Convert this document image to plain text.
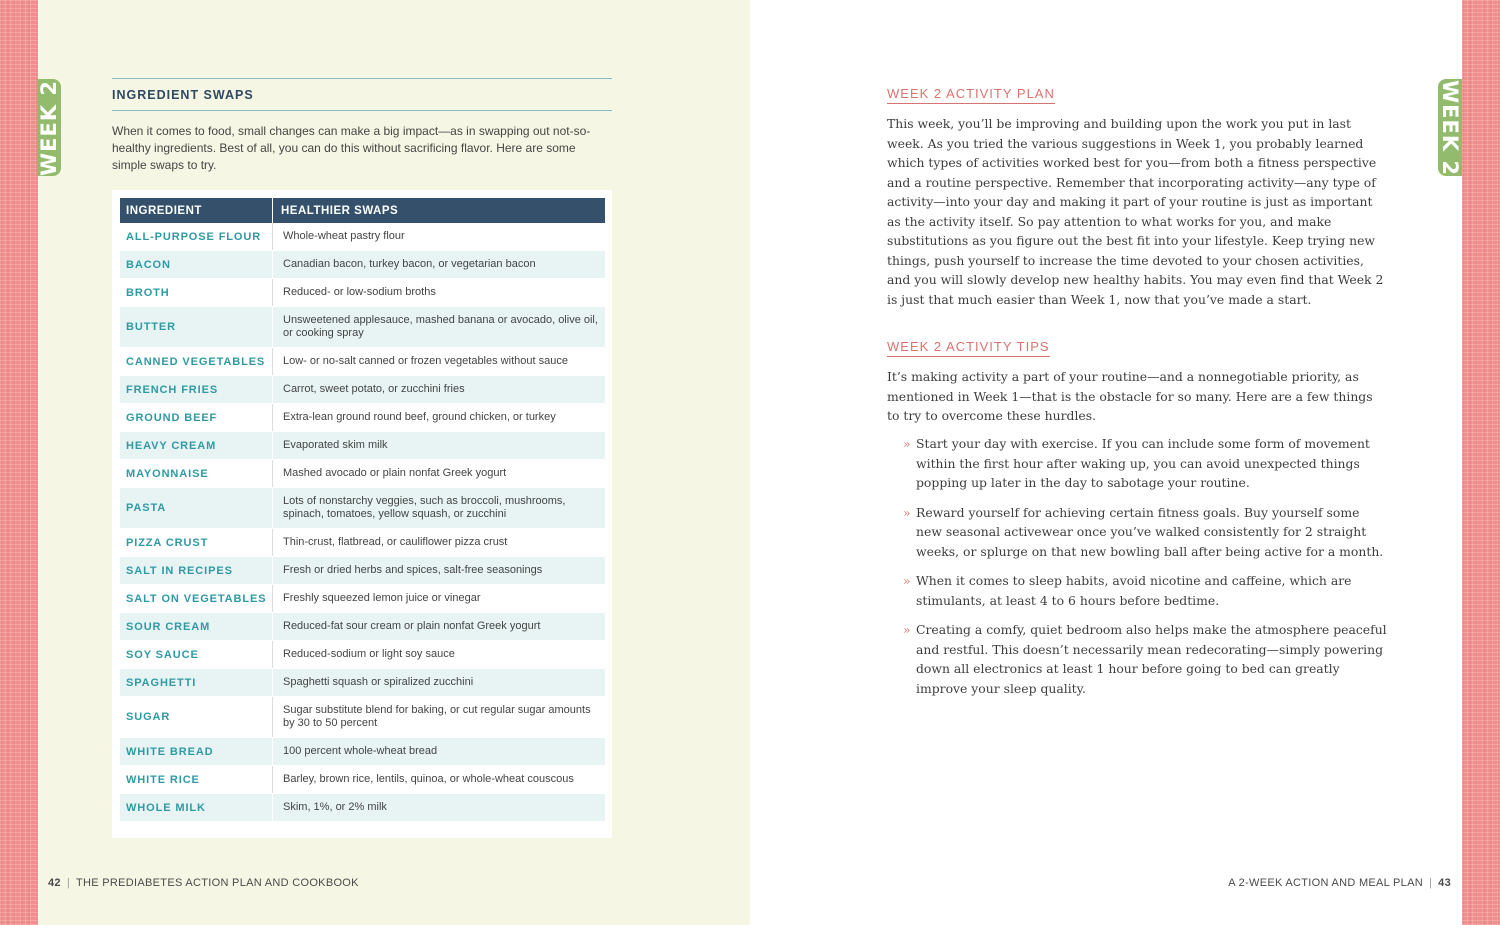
WEEK 2	WEEK 2
INGREDIENT SWAPS
When it comes to food, small changes can make a big impact—as in swapping out not-so-healthy ingredients. Best of all, you can do this without sacrificing flavor. Here are some simple swaps to try.
INGREDIENT	HEALTHIER SWAPS
ALL-PURPOSE FLOUR	Whole-wheat pastry flour
BACON	Canadian bacon, turkey bacon, or vegetarian bacon
BROTH	Reduced- or low-sodium broths
BUTTER	Unsweetened applesauce, mashed banana or avocado, olive oil, or cooking spray
CANNED VEGETABLES	Low- or no-salt canned or frozen vegetables without sauce
FRENCH FRIES	Carrot, sweet potato, or zucchini fries
GROUND BEEF	Extra-lean ground round beef, ground chicken, or turkey
HEAVY CREAM	Evaporated skim milk
MAYONNAISE	Mashed avocado or plain nonfat Greek yogurt
PASTA	Lots of nonstarchy veggies, such as broccoli, mushrooms, spinach, tomatoes, yellow squash, or zucchini
PIZZA CRUST	Thin-crust, flatbread, or cauliflower pizza crust
SALT IN RECIPES	Fresh or dried herbs and spices, salt-free seasonings
SALT ON VEGETABLES	Freshly squeezed lemon juice or vinegar
SOUR CREAM	Reduced-fat sour cream or plain nonfat Greek yogurt
SOY SAUCE	Reduced-sodium or light soy sauce
SPAGHETTI	Spaghetti squash or spiralized zucchini
SUGAR	Sugar substitute blend for baking, or cut regular sugar amounts by 30 to 50 percent
WHITE BREAD	100 percent whole-wheat bread
WHITE RICE	Barley, brown rice, lentils, quinoa, or whole-wheat couscous
WHOLE MILK	Skim, 1%, or 2% milk
42 | THE PREDIABETES ACTION PLAN AND COOKBOOK
WEEK 2 ACTIVITY PLAN
This week, you’ll be improving and building upon the work you put in last week. As you tried the various suggestions in Week 1, you probably learned which types of activities worked best for you—from both a fitness perspective and a routine perspective. Remember that incorporating activity—any type of activity—into your day and making it part of your routine is just as important as the activity itself. So pay attention to what works for you, and make substitutions as you figure out the best fit into your lifestyle. Keep trying new things, push yourself to increase the time devoted to your chosen activities, and you will slowly develop new healthy habits. You may even find that Week 2 is just that much easier than Week 1, now that you’ve made a start.
WEEK 2 ACTIVITY TIPS
It’s making activity a part of your routine—and a nonnegotiable priority, as mentioned in Week 1—that is the obstacle for so many. Here are a few things to try to overcome these hurdles.
» Start your day with exercise. If you can include some form of movement within the first hour after waking up, you can avoid unexpected things popping up later in the day to sabotage your routine.
» Reward yourself for achieving certain fitness goals. Buy yourself some new seasonal activewear once you’ve walked consistently for 2 straight weeks, or splurge on that new bowling ball after being active for a month.
» When it comes to sleep habits, avoid nicotine and caffeine, which are stimulants, at least 4 to 6 hours before bedtime.
» Creating a comfy, quiet bedroom also helps make the atmosphere peaceful and restful. This doesn’t necessarily mean redecorating—simply powering down all electronics at least 1 hour before going to bed can greatly improve your sleep quality.
A 2-WEEK ACTION AND MEAL PLAN | 43
